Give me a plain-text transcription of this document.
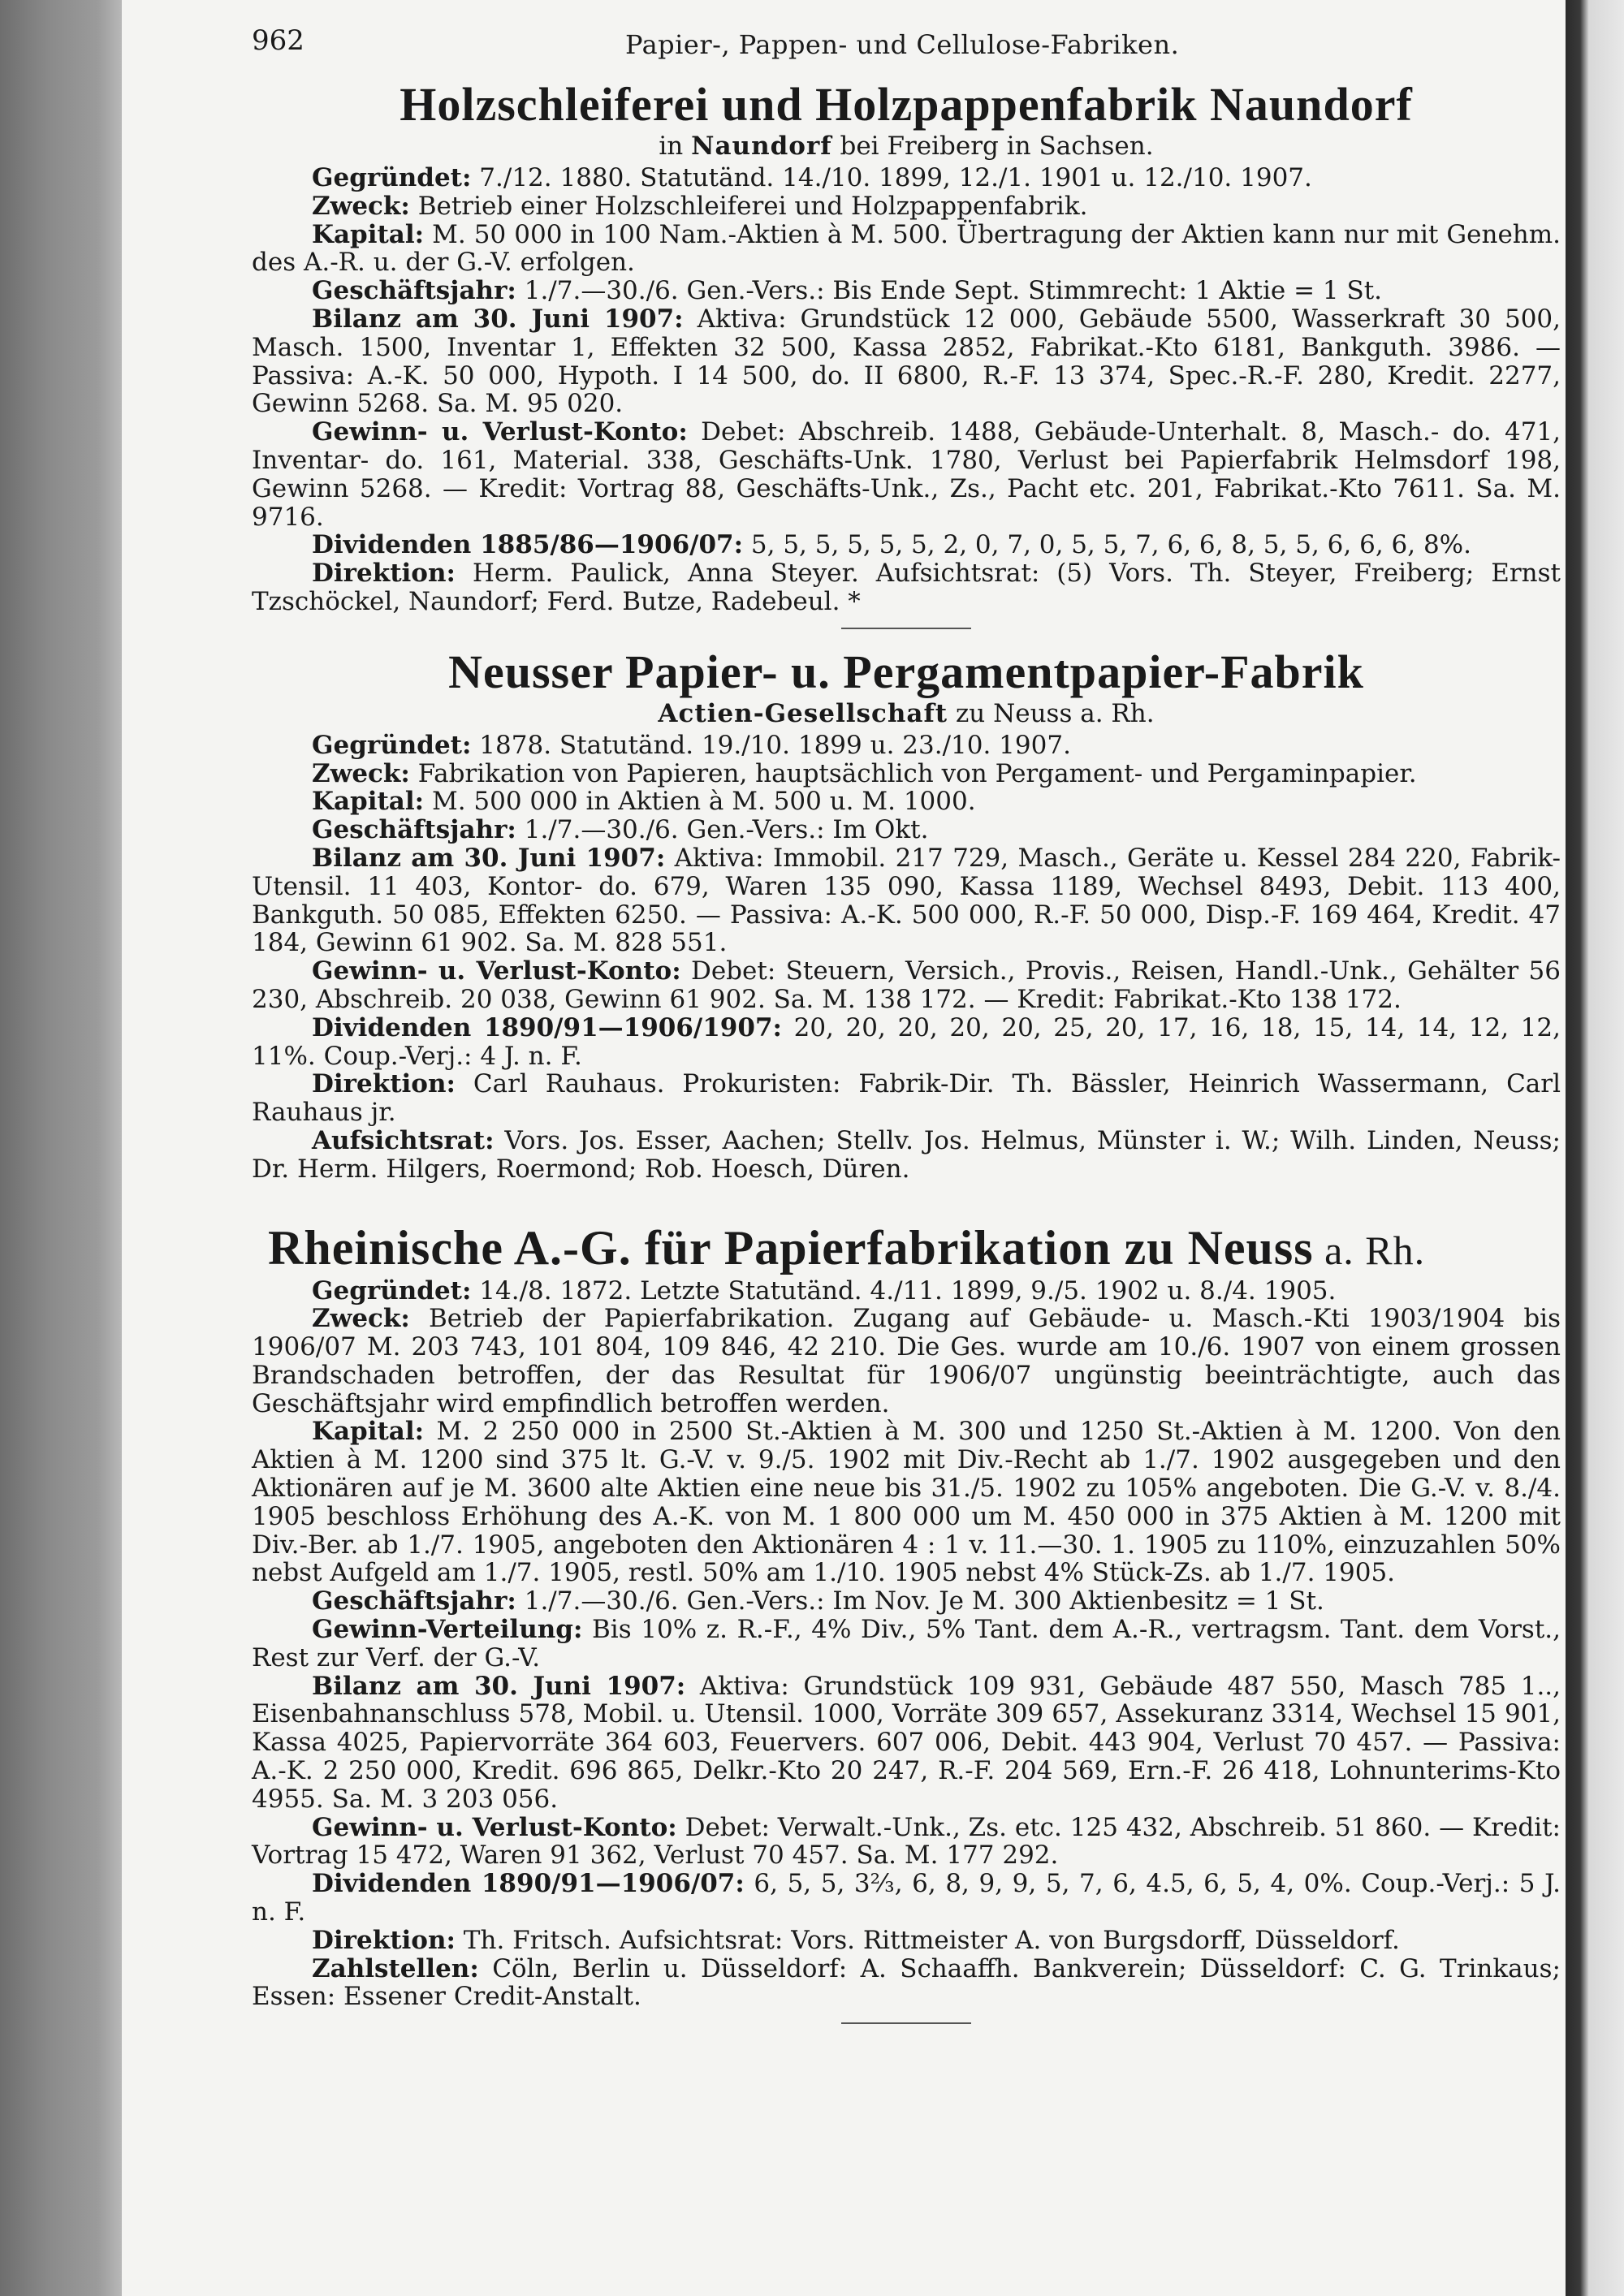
962	Papier-, Pappen- und Cellulose-Fabriken.
Holzschleiferei und Holzpappenfabrik Naundorf
in Naundorf bei Freiberg in Sachsen.

Gegründet: 7./12. 1880. Statutänd. 14./10. 1899, 12./1. 1901 u. 12./10. 1907.

Zweck: Betrieb einer Holzschleiferei und Holzpappenfabrik.

Kapital: M. 50 000 in 100 Nam.-Aktien à M. 500. Übertragung der Aktien kann nur mit Genehm. des A.-R. u. der G.-V. erfolgen.

Geschäftsjahr: 1./7.—30./6. Gen.-Vers.: Bis Ende Sept. Stimmrecht: 1 Aktie = 1 St.

Bilanz am 30. Juni 1907: Aktiva: Grundstück 12 000, Gebäude 5500, Wasserkraft 30 500, Masch. 1500, Inventar 1, Effekten 32 500, Kassa 2852, Fabrikat.-Kto 6181, Bankguth. 3986. — Passiva: A.-K. 50 000, Hypoth. I 14 500, do. II 6800, R.-F. 13 374, Spec.-R.-F. 280, Kredit. 2277, Gewinn 5268. Sa. M. 95 020.

Gewinn- u. Verlust-Konto: Debet: Abschreib. 1488, Gebäude-Unterhalt. 8, Masch.- do. 471, Inventar- do. 161, Material. 338, Geschäfts-Unk. 1780, Verlust bei Papierfabrik Helmsdorf 198, Gewinn 5268. — Kredit: Vortrag 88, Geschäfts-Unk., Zs., Pacht etc. 201, Fabrikat.-Kto 7611. Sa. M. 9716.

Dividenden 1885/86—1906/07: 5, 5, 5, 5, 5, 5, 2, 0, 7, 0, 5, 5, 7, 6, 6, 8, 5, 5, 6, 6, 6, 8%.

Direktion: Herm. Paulick, Anna Steyer. Aufsichtsrat: (5) Vors. Th. Steyer, Freiberg; Ernst Tzschöckel, Naundorf; Ferd. Butze, Radebeul. *

Neusser Papier- u. Pergamentpapier-Fabrik
Actien-Gesellschaft zu Neuss a. Rh.

Gegründet: 1878. Statutänd. 19./10. 1899 u. 23./10. 1907.

Zweck: Fabrikation von Papieren, hauptsächlich von Pergament- und Pergaminpapier.

Kapital: M. 500 000 in Aktien à M. 500 u. M. 1000.

Geschäftsjahr: 1./7.—30./6. Gen.-Vers.: Im Okt.

Bilanz am 30. Juni 1907: Aktiva: Immobil. 217 729, Masch., Geräte u. Kessel 284 220, Fabrik-Utensil. 11 403, Kontor- do. 679, Waren 135 090, Kassa 1189, Wechsel 8493, Debit. 113 400, Bankguth. 50 085, Effekten 6250. — Passiva: A.-K. 500 000, R.-F. 50 000, Disp.-F. 169 464, Kredit. 47 184, Gewinn 61 902. Sa. M. 828 551.

Gewinn- u. Verlust-Konto: Debet: Steuern, Versich., Provis., Reisen, Handl.-Unk., Gehälter 56 230, Abschreib. 20 038, Gewinn 61 902. Sa. M. 138 172. — Kredit: Fabrikat.-Kto 138 172.

Dividenden 1890/91—1906/1907: 20, 20, 20, 20, 20, 25, 20, 17, 16, 18, 15, 14, 14, 12, 12, 11%. Coup.-Verj.: 4 J. n. F.

Direktion: Carl Rauhaus. Prokuristen: Fabrik-Dir. Th. Bässler, Heinrich Wassermann, Carl Rauhaus jr.

Aufsichtsrat: Vors. Jos. Esser, Aachen; Stellv. Jos. Helmus, Münster i. W.; Wilh. Linden, Neuss; Dr. Herm. Hilgers, Roermond; Rob. Hoesch, Düren.

Rheinische A.-G. für Papierfabrikation zu Neuss a. Rh.

Gegründet: 14./8. 1872. Letzte Statutänd. 4./11. 1899, 9./5. 1902 u. 8./4. 1905.

Zweck: Betrieb der Papierfabrikation. Zugang auf Gebäude- u. Masch.-Kti 1903/1904 bis 1906/07 M. 203 743, 101 804, 109 846, 42 210. Die Ges. wurde am 10./6. 1907 von einem grossen Brandschaden betroffen, der das Resultat für 1906/07 ungünstig beeinträchtigte, auch das Geschäftsjahr wird empfindlich betroffen werden.

Kapital: M. 2 250 000 in 2500 St.-Aktien à M. 300 und 1250 St.-Aktien à M. 1200. Von den Aktien à M. 1200 sind 375 lt. G.-V. v. 9./5. 1902 mit Div.-Recht ab 1./7. 1902 ausgegeben und den Aktionären auf je M. 3600 alte Aktien eine neue bis 31./5. 1902 zu 105% angeboten. Die G.-V. v. 8./4. 1905 beschloss Erhöhung des A.-K. von M. 1 800 000 um M. 450 000 in 375 Aktien à M. 1200 mit Div.-Ber. ab 1./7. 1905, angeboten den Aktionären 4 : 1 v. 11.—30. 1. 1905 zu 110%, einzuzahlen 50% nebst Aufgeld am 1./7. 1905, restl. 50% am 1./10. 1905 nebst 4% Stück-Zs. ab 1./7. 1905.

Geschäftsjahr: 1./7.—30./6. Gen.-Vers.: Im Nov. Je M. 300 Aktienbesitz = 1 St.

Gewinn-Verteilung: Bis 10% z. R.-F., 4% Div., 5% Tant. dem A.-R., vertragsm. Tant. dem Vorst., Rest zur Verf. der G.-V.

Bilanz am 30. Juni 1907: Aktiva: Grundstück 109 931, Gebäude 487 550, Masch 785 1.., Eisenbahnanschluss 578, Mobil. u. Utensil. 1000, Vorräte 309 657, Assekuranz 3314, Wechsel 15 901, Kassa 4025, Papiervorräte 364 603, Feuervers. 607 006, Debit. 443 904, Verlust 70 457. — Passiva: A.-K. 2 250 000, Kredit. 696 865, Delkr.-Kto 20 247, R.-F. 204 569, Ern.-F. 26 418, Lohnunterims-Kto 4955. Sa. M. 3 203 056.

Gewinn- u. Verlust-Konto: Debet: Verwalt.-Unk., Zs. etc. 125 432, Abschreib. 51 860. — Kredit: Vortrag 15 472, Waren 91 362, Verlust 70 457. Sa. M. 177 292.

Dividenden 1890/91—1906/07: 6, 5, 5, 3⅔, 6, 8, 9, 9, 5, 7, 6, 4.5, 6, 5, 4, 0%. Coup.-Verj.: 5 J. n. F.

Direktion: Th. Fritsch. Aufsichtsrat: Vors. Rittmeister A. von Burgsdorff, Düsseldorf.

Zahlstellen: Cöln, Berlin u. Düsseldorf: A. Schaaffh. Bankverein; Düsseldorf: C. G. Trinkaus; Essen: Essener Credit-Anstalt.
